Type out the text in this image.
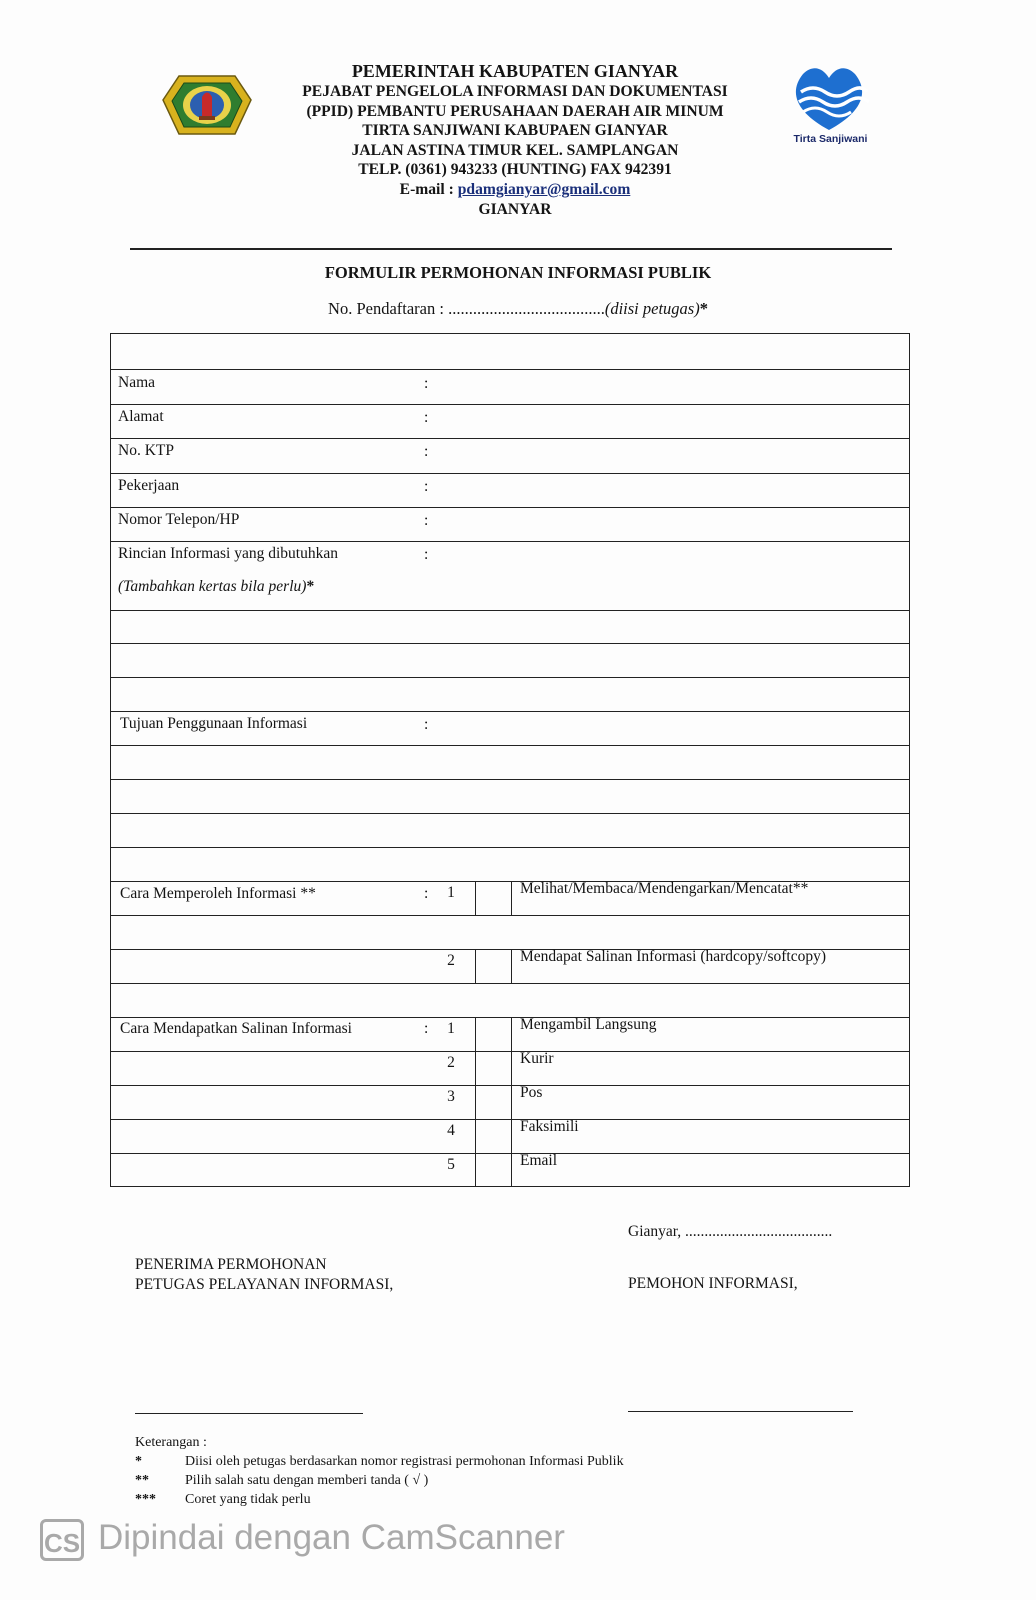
PEMERINTAH KABUPATEN GIANYAR
PEJABAT PENGELOLA INFORMASI DAN DOKUMENTASI
(PPID) PEMBANTU PERUSAHAAN DAERAH AIR MINUM
TIRTA SANJIWANI KABUPAEN GIANYAR
JALAN ASTINA TIMUR KEL. SAMPLANGAN
TELP. (0361) 943233 (HUNTING) FAX 942391
E-mail : pdamgianyar@gmail.com
GIANYAR
Tirta Sanjiwani
FORMULIR PERMOHONAN INFORMASI PUBLIK
No. Pendaftaran : ......................................(diisi petugas)*
Nama	:
Alamat	:
No. KTP	:
Pekerjaan	:
Nomor Telepon/HP	:
Rincian Informasi yang dibutuhkan	:
(Tambahkan kertas bila perlu)*
Tujuan Penggunaan Informasi	:
Cara Memperoleh Informasi **	:	1	Melihat/Membaca/Mendengarkan/Mencatat**
2	Mendapat Salinan Informasi (hardcopy/softcopy)
Cara Mendapatkan Salinan Informasi	:	1	Mengambil Langsung
2	Kurir
3	Pos
4	Faksimili
5	Email
Gianyar, ......................................
PENERIMA PERMOHONAN
PETUGAS PELAYANAN INFORMASI,	PEMOHON INFORMASI,
Keterangan :
*	Diisi oleh petugas berdasarkan nomor registrasi permohonan Informasi Publik
**	Pilih salah satu dengan memberi tanda ( √ )
***	Coret yang tidak perlu
CS Dipindai dengan CamScanner
